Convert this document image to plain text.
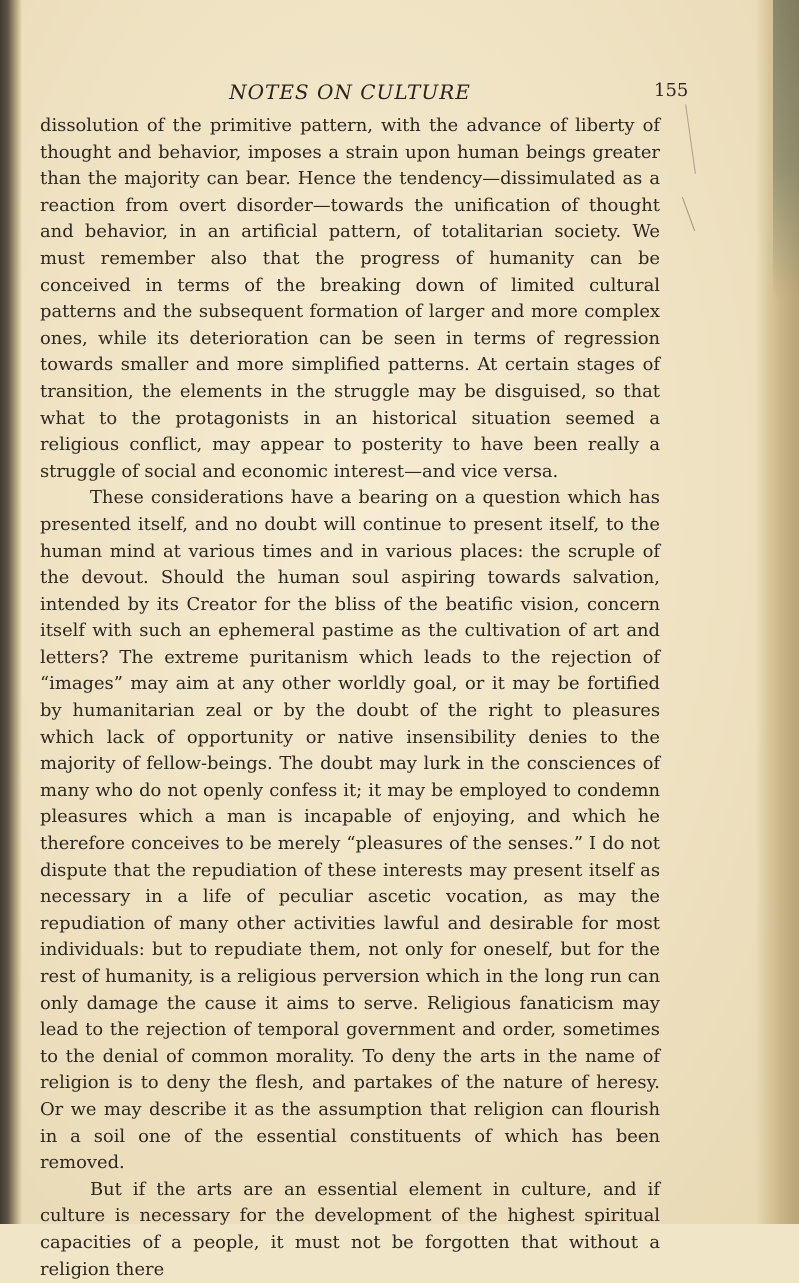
NOTES ON CULTURE	155

dissolution of the primitive pattern, with the advance of liberty of thought and behavior, imposes a strain upon human beings greater than the majority can bear. Hence the tendency—dissimulated as a reaction from overt disorder—towards the unification of thought and behavior, in an artificial pattern, of totalitarian society. We must remember also that the progress of humanity can be conceived in terms of the breaking down of limited cultural patterns and the subsequent formation of larger and more complex ones, while its deterioration can be seen in terms of regression towards smaller and more simplified patterns. At certain stages of transition, the elements in the struggle may be disguised, so that what to the protagonists in an historical situation seemed a religious conflict, may appear to posterity to have been really a struggle of social and economic interest—and vice versa.

These considerations have a bearing on a question which has presented itself, and no doubt will continue to present itself, to the human mind at various times and in various places: the scruple of the devout. Should the human soul aspiring towards salvation, intended by its Creator for the bliss of the beatific vision, concern itself with such an ephemeral pastime as the cultivation of art and letters? The extreme puritanism which leads to the rejection of “images” may aim at any other worldly goal, or it may be fortified by humanitarian zeal or by the doubt of the right to pleasures which lack of opportunity or native insensibility denies to the majority of fellow-beings. The doubt may lurk in the consciences of many who do not openly confess it; it may be employed to condemn pleasures which a man is incapable of enjoying, and which he therefore conceives to be merely “pleasures of the senses.” I do not dispute that the repudiation of these interests may present itself as necessary in a life of peculiar ascetic vocation, as may the repudiation of many other activities lawful and desirable for most individuals: but to repudiate them, not only for oneself, but for the rest of humanity, is a religious perversion which in the long run can only damage the cause it aims to serve. Religious fanaticism may lead to the rejection of temporal government and order, sometimes to the denial of common morality. To deny the arts in the name of religion is to deny the flesh, and partakes of the nature of heresy. Or we may describe it as the assumption that religion can flourish in a soil one of the essential constituents of which has been removed.

But if the arts are an essential element in culture, and if culture is necessary for the development of the highest spiritual capacities of a people, it must not be forgotten that without a religion there
